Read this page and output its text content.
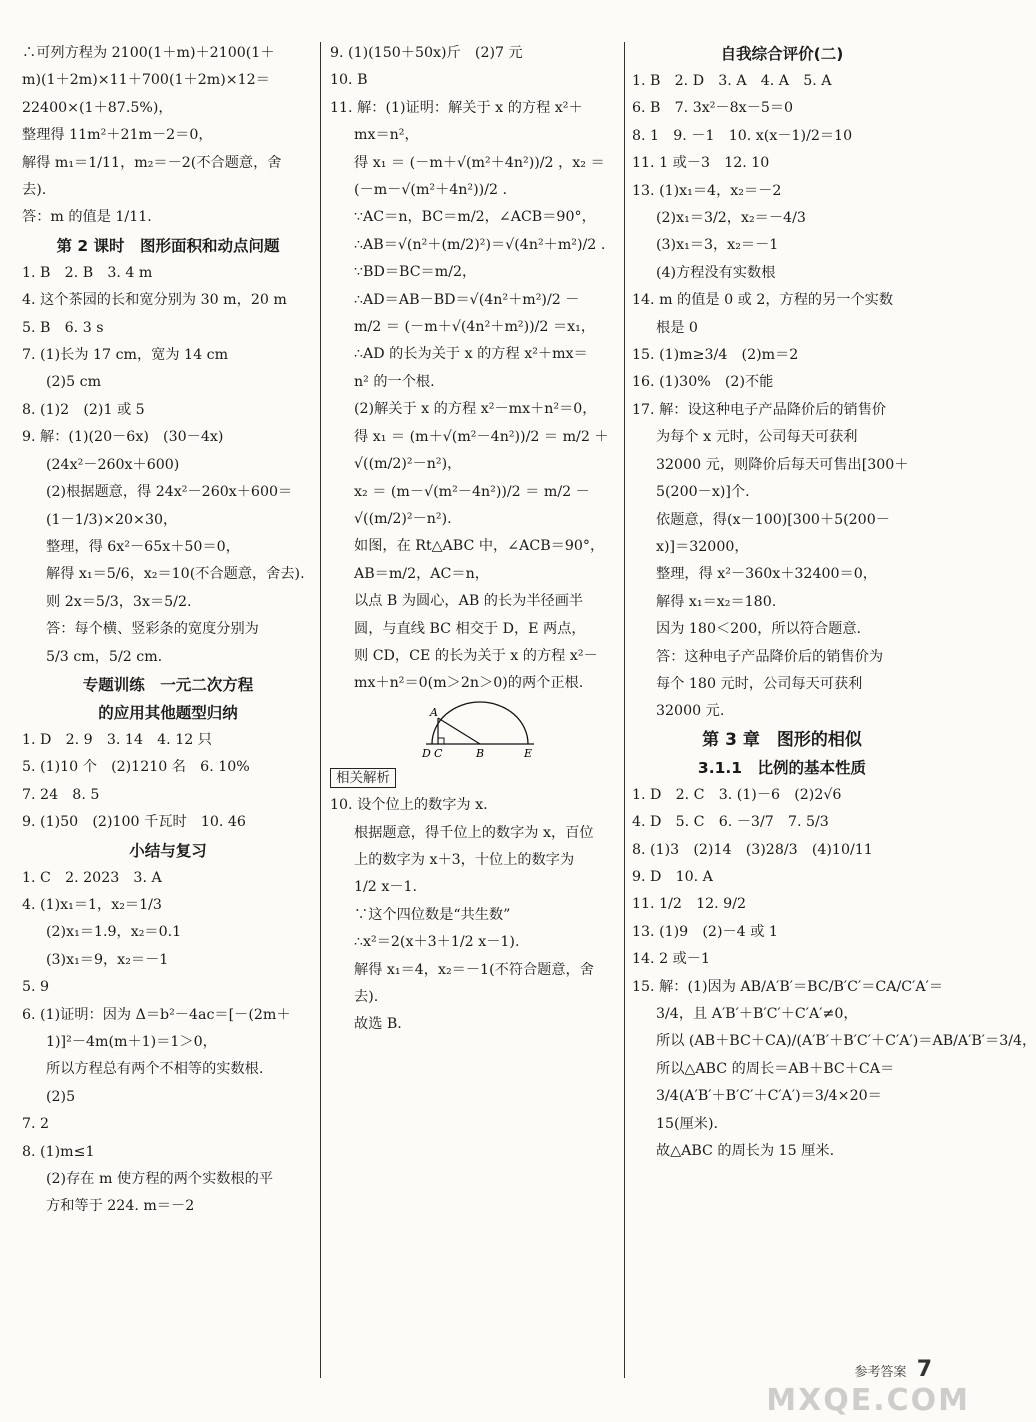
∴可列方程为 2100(1＋m)＋2100(1＋
m)(1＋2m)×11＋700(1＋2m)×12＝
22400×(1＋87.5%)，
整理得 11m²＋21m－2＝0，
解得 m₁＝1/11，m₂＝－2(不合题意，舍
去).
答：m 的值是 1/11.
第 2 课时　图形面积和动点问题
1. B　2. B　3. 4 m
4. 这个茶园的长和宽分别为 30 m，20 m
5. B　6. 3 s
7. (1)长为 17 cm，宽为 14 cm
(2)5 cm
8. (1)2　(2)1 或 5
9. 解：(1)(20－6x)　(30－4x)
(24x²－260x＋600)
(2)根据题意，得 24x²－260x＋600＝
(1－1/3)×20×30，
整理，得 6x²－65x＋50＝0，
解得 x₁＝5/6，x₂＝10(不合题意，舍去).
则 2x＝5/3，3x＝5/2.
答：每个横、竖彩条的宽度分别为
5/3 cm，5/2 cm.
专题训练　一元二次方程
的应用其他题型归纳
1. D　2. 9　3. 14　4. 12 只
5. (1)10 个　(2)1210 名　6. 10%
7. 24　8. 5
9. (1)50　(2)100 千瓦时　10. 46
小结与复习
1. C　2. 2023　3. A
4. (1)x₁＝1，x₂＝1/3
(2)x₁＝1.9，x₂＝0.1
(3)x₁＝9，x₂＝－1
5. 9
6. (1)证明：因为 Δ＝b²－4ac＝[－(2m＋
1)]²－4m(m＋1)＝1＞0，
所以方程总有两个不相等的实数根.
(2)5
7. 2
8. (1)m≤1
(2)存在 m 使方程的两个实数根的平
方和等于 224. m＝－2
9. (1)(150＋50x)斤　(2)7 元
10. B
11. 解：(1)证明：解关于 x 的方程 x²＋
mx＝n²，
得 x₁ ＝ (－m＋√(m²＋4n²))/2 ，x₂ ＝
(－m－√(m²＋4n²))/2 .
∵AC＝n，BC＝m/2，∠ACB＝90°，
∴AB＝√(n²＋(m/2)²)＝√(4n²＋m²)/2 .
∵BD＝BC＝m/2，
∴AD＝AB－BD＝√(4n²＋m²)/2 －
m/2 ＝ (－m＋√(4n²＋m²))/2 ＝x₁，
∴AD 的长为关于 x 的方程 x²＋mx＝
n² 的一个根.
(2)解关于 x 的方程 x²－mx＋n²＝0，
得 x₁ ＝ (m＋√(m²－4n²))/2 ＝ m/2 ＋
√((m/2)²－n²)，
x₂ ＝ (m－√(m²－4n²))/2 ＝ m/2 －
√((m/2)²－n²).
如图，在 Rt△ABC 中，∠ACB＝90°，
AB＝m/2，AC＝n，
以点 B 为圆心，AB 的长为半径画半
圆，与直线 BC 相交于 D，E 两点，
则 CD，CE 的长为关于 x 的方程 x²－
mx＋n²＝0(m＞2n＞0)的两个正根.
A
D C	B	E
相关解析
10. 设个位上的数字为 x.
根据题意，得千位上的数字为 x，百位
上的数字为 x＋3，十位上的数字为
1/2 x－1.
∵这个四位数是“共生数”
∴x²＝2(x＋3＋1/2 x－1).
解得 x₁＝4，x₂＝－1(不符合题意，舍
去).
故选 B.
自我综合评价(二)
1. B　2. D　3. A　4. A　5. A
6. B　7. 3x²－8x－5＝0
8. 1　9. －1　10. x(x－1)/2＝10
11. 1 或－3　12. 10
13. (1)x₁＝4，x₂＝－2
(2)x₁＝3/2，x₂＝－4/3
(3)x₁＝3，x₂＝－1
(4)方程没有实数根
14. m 的值是 0 或 2，方程的另一个实数
根是 0
15. (1)m≥3/4　(2)m＝2
16. (1)30%　(2)不能
17. 解：设这种电子产品降价后的销售价
为每个 x 元时，公司每天可获利
32000 元，则降价后每天可售出[300＋
5(200－x)]个.
依题意，得(x－100)[300＋5(200－
x)]＝32000，
整理，得 x²－360x＋32400＝0，
解得 x₁＝x₂＝180.
因为 180＜200，所以符合题意.
答：这种电子产品降价后的销售价为
每个 180 元时，公司每天可获利
32000 元.
第 3 章　图形的相似
3.1.1　比例的基本性质
1. D　2. C　3. (1)－6　(2)2√6
4. D　5. C　6. －3/7　7. 5/3
8. (1)3　(2)14　(3)28/3　(4)10/11
9. D　10. A
11. 1/2　12. 9/2
13. (1)9　(2)－4 或 1
14. 2 或－1
15. 解：(1)因为 AB/A′B′＝BC/B′C′＝CA/C′A′＝
3/4，且 A′B′＋B′C′＋C′A′≠0，
所以 (AB＋BC＋CA)/(A′B′＋B′C′＋C′A′)＝AB/A′B′＝3/4，
所以△ABC 的周长＝AB＋BC＋CA＝
3/4(A′B′＋B′C′＋C′A′)＝3/4×20＝
15(厘米).
故△ABC 的周长为 15 厘米.
参考答案 7
MXQE.COM
